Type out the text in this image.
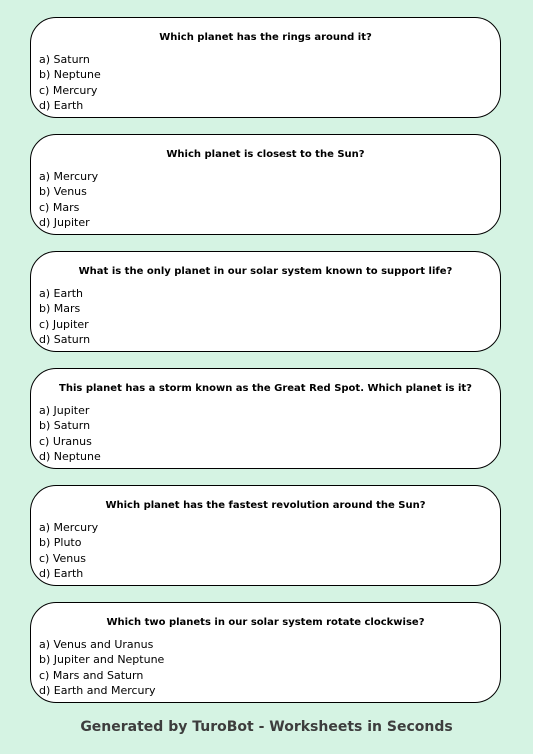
Which planet has the rings around it?
a) Saturn
b) Neptune
c) Mercury
d) Earth
Which planet is closest to the Sun?
a) Mercury
b) Venus
c) Mars
d) Jupiter
What is the only planet in our solar system known to support life?
a) Earth
b) Mars
c) Jupiter
d) Saturn
This planet has a storm known as the Great Red Spot. Which planet is it?
a) Jupiter
b) Saturn
c) Uranus
d) Neptune
Which planet has the fastest revolution around the Sun?
a) Mercury
b) Pluto
c) Venus
d) Earth
Which two planets in our solar system rotate clockwise?
a) Venus and Uranus
b) Jupiter and Neptune
c) Mars and Saturn
d) Earth and Mercury
Generated by TuroBot - Worksheets in Seconds
